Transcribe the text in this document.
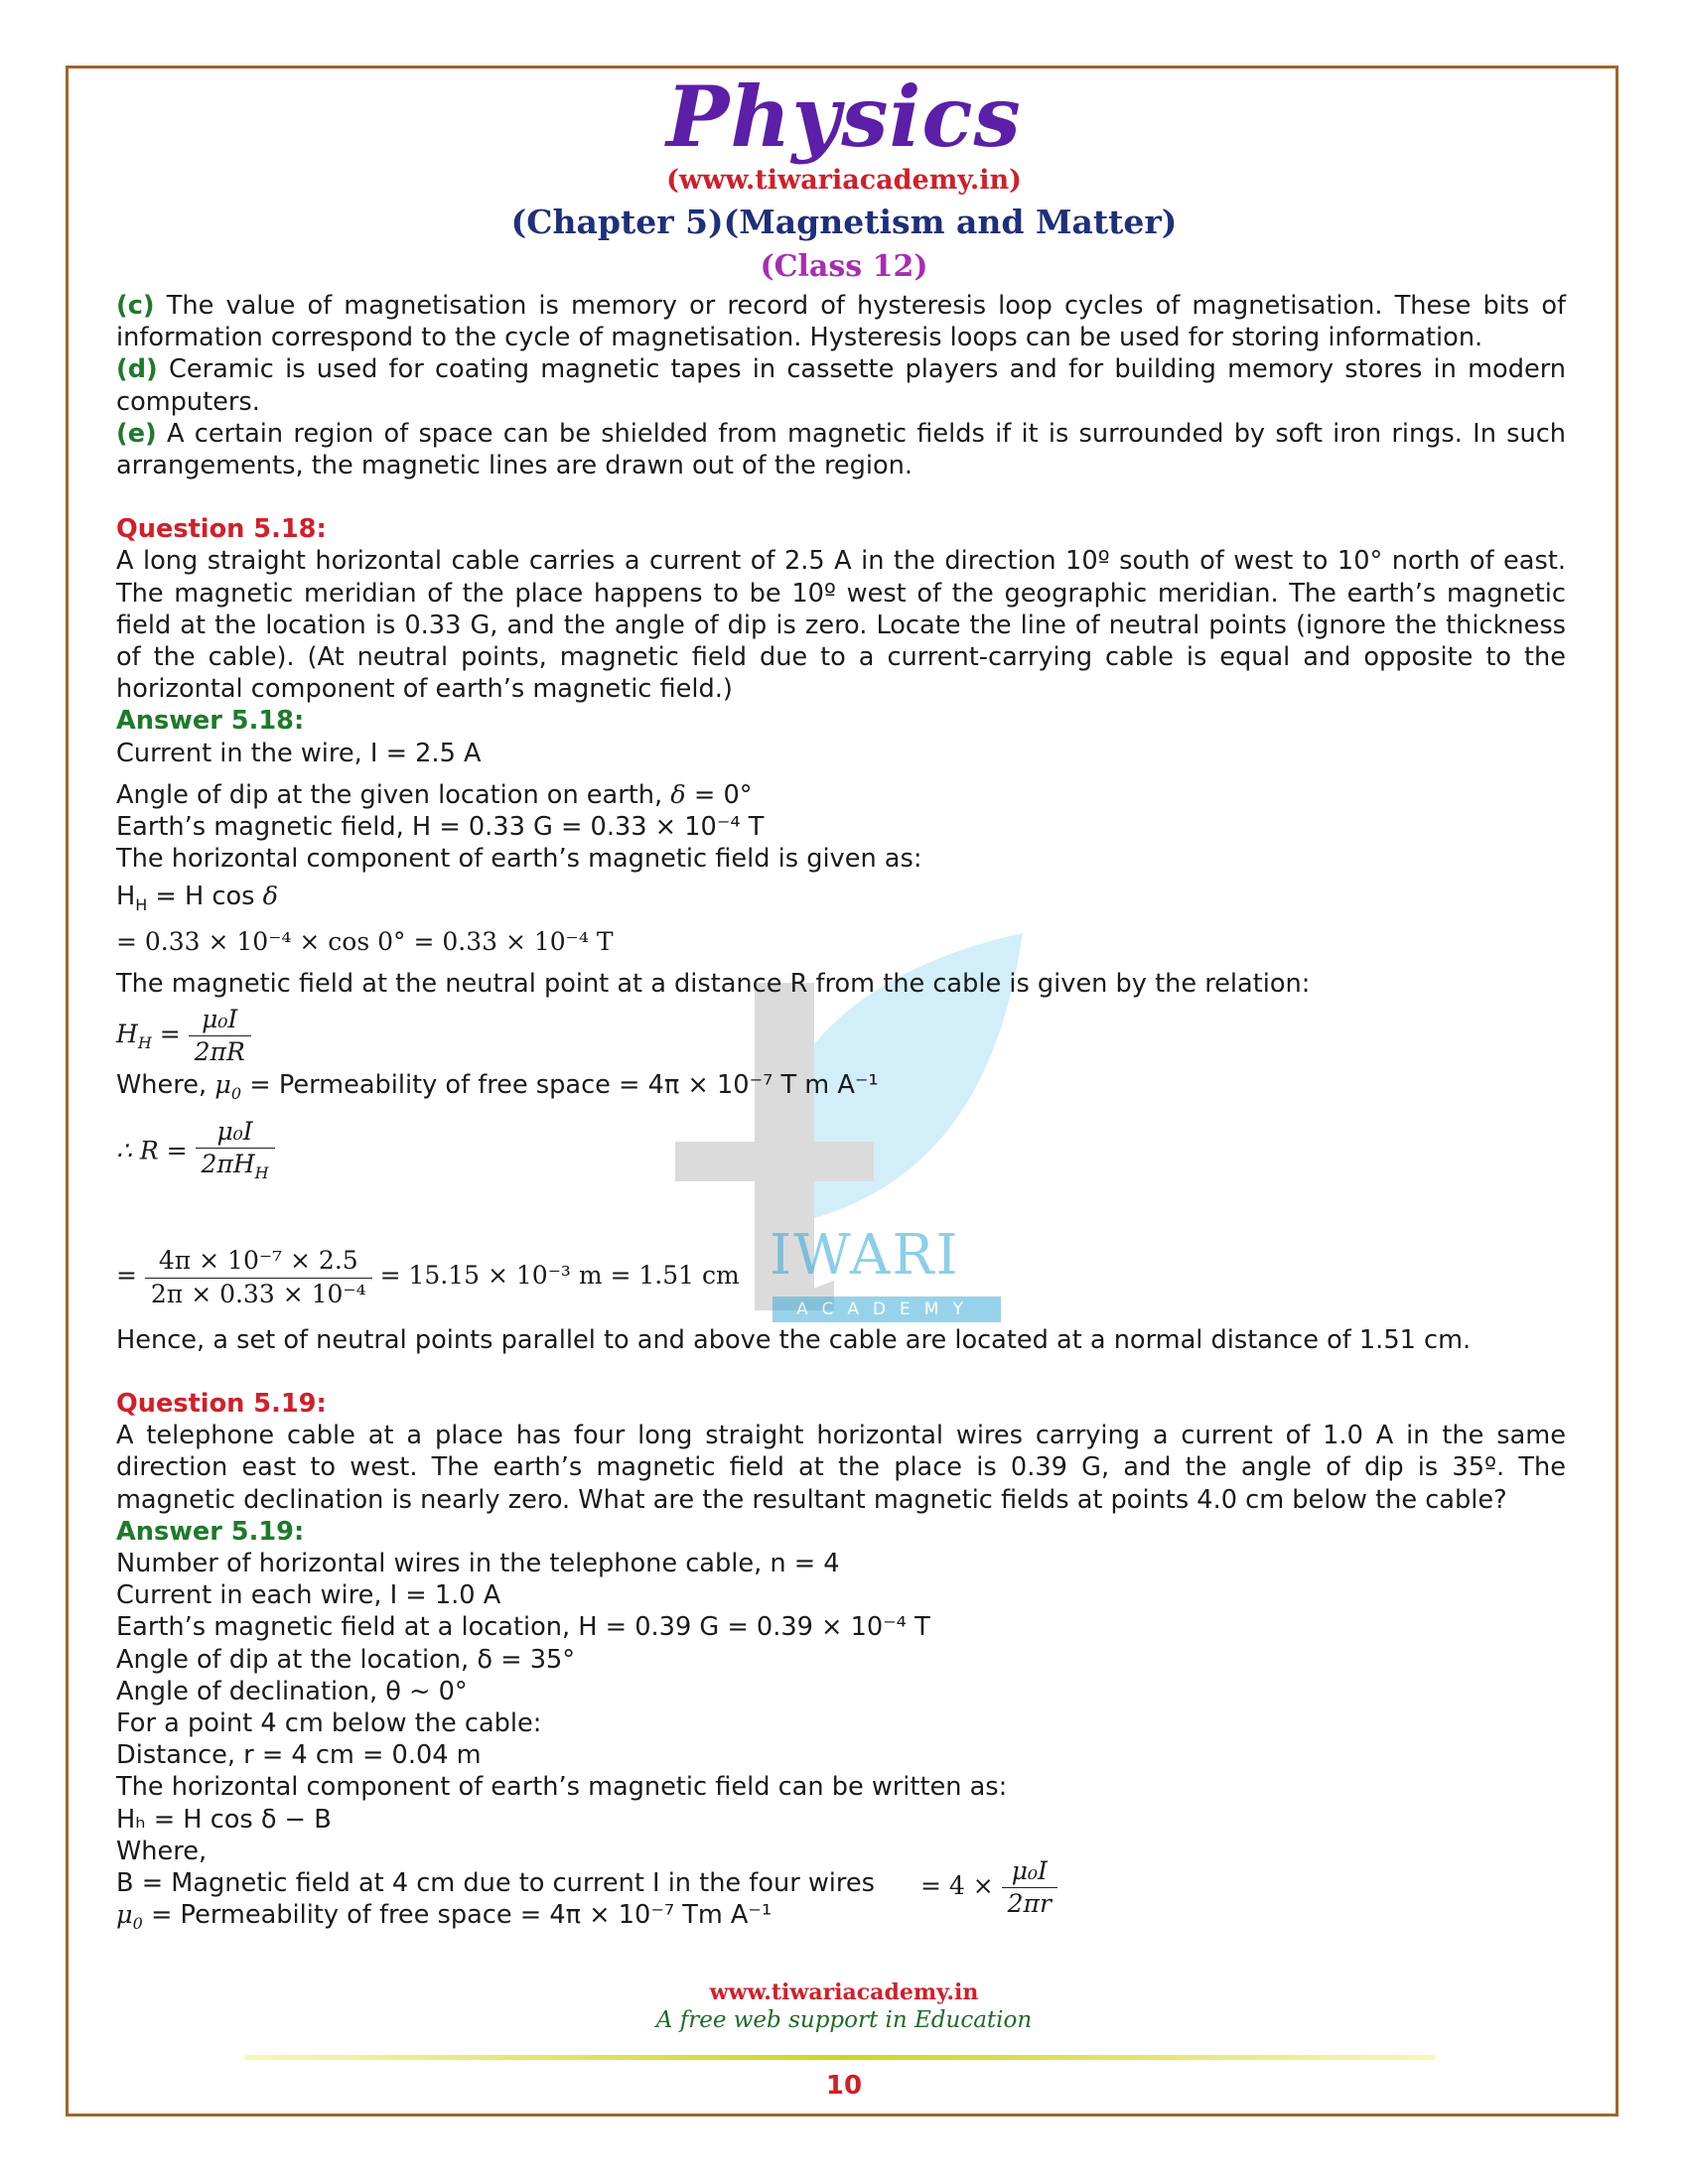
Physics
(www.tiwariacademy.in)
(Chapter 5)(Magnetism and Matter)
(Class 12)
IWARI
ACADEMY

(c) The value of magnetisation is memory or record of hysteresis loop cycles of magnetisation. These bits of information correspond to the cycle of magnetisation. Hysteresis loops can be used for storing information.

(d) Ceramic is used for coating magnetic tapes in cassette players and for building memory stores in modern computers.

(e) A certain region of space can be shielded from magnetic fields if it is surrounded by soft iron rings. In such arrangements, the magnetic lines are drawn out of the region.

Question 5.18:

A long straight horizontal cable carries a current of 2.5 A in the direction 10º south of west to 10° north of east. The magnetic meridian of the place happens to be 10º west of the geographic meridian. The earth’s magnetic field at the location is 0.33 G, and the angle of dip is zero. Locate the line of neutral points (ignore the thickness of the cable). (At neutral points, magnetic field due to a current-carrying cable is equal and opposite to the horizontal component of earth’s magnetic field.)

Answer 5.18:

Current in the wire, I = 2.5 A

Angle of dip at the given location on earth, δ = 0°

Earth’s magnetic field, H = 0.33 G = 0.33 × 10⁻⁴ T

The horizontal component of earth’s magnetic field is given as:

$H_H = H$ cos δ

= 0.33 × 10⁻⁴ × cos 0° = 0.33 × 10⁻⁴ T

The magnetic field at the neutral point at a distance R from the cable is given by the relation:

$H_H = \frac{\text{μ₀I}}{2\pi R}$

Where, $\mu_0$ = Permeability of free space = 4π × 10⁻⁷ T m A⁻¹

∴ $R = \frac{\text{μ₀I}}{2\pi H_H}$

= $\frac{\text{4π × 10⁻⁷ × 2.5}}{\text{2π × 0.33 × 10⁻⁴}} = 15.15 \times 10^{-3}$ m = 1.51 cm

Hence, a set of neutral points parallel to and above the cable are located at a normal distance of 1.51 cm.

Question 5.19:

A telephone cable at a place has four long straight horizontal wires carrying a current of 1.0 A in the same direction east to west. The earth’s magnetic field at the place is 0.39 G, and the angle of dip is 35º. The magnetic declination is nearly zero. What are the resultant magnetic fields at points 4.0 cm below the cable?

Answer 5.19:

Number of horizontal wires in the telephone cable, n = 4

Current in each wire, I = 1.0 A

Earth’s magnetic field at a location, H = 0.39 G = 0.39 × 10⁻⁴ T

Angle of dip at the location, δ = 35°

Angle of declination, θ ~ 0°

For a point 4 cm below the cable:

Distance, r = 4 cm = 0.04 m

The horizontal component of earth’s magnetic field can be written as:

Hₕ = H cos δ − B

Where,

B = Magnetic field at 4 cm due to current I in the four wires = $4 \times \frac{\text{μ₀I}}{2\pi r}$

$\mu_0$ = Permeability of free space = 4π × 10⁻⁷ Tm A⁻¹

www.tiwariacademy.in
A free web support in Education
10
